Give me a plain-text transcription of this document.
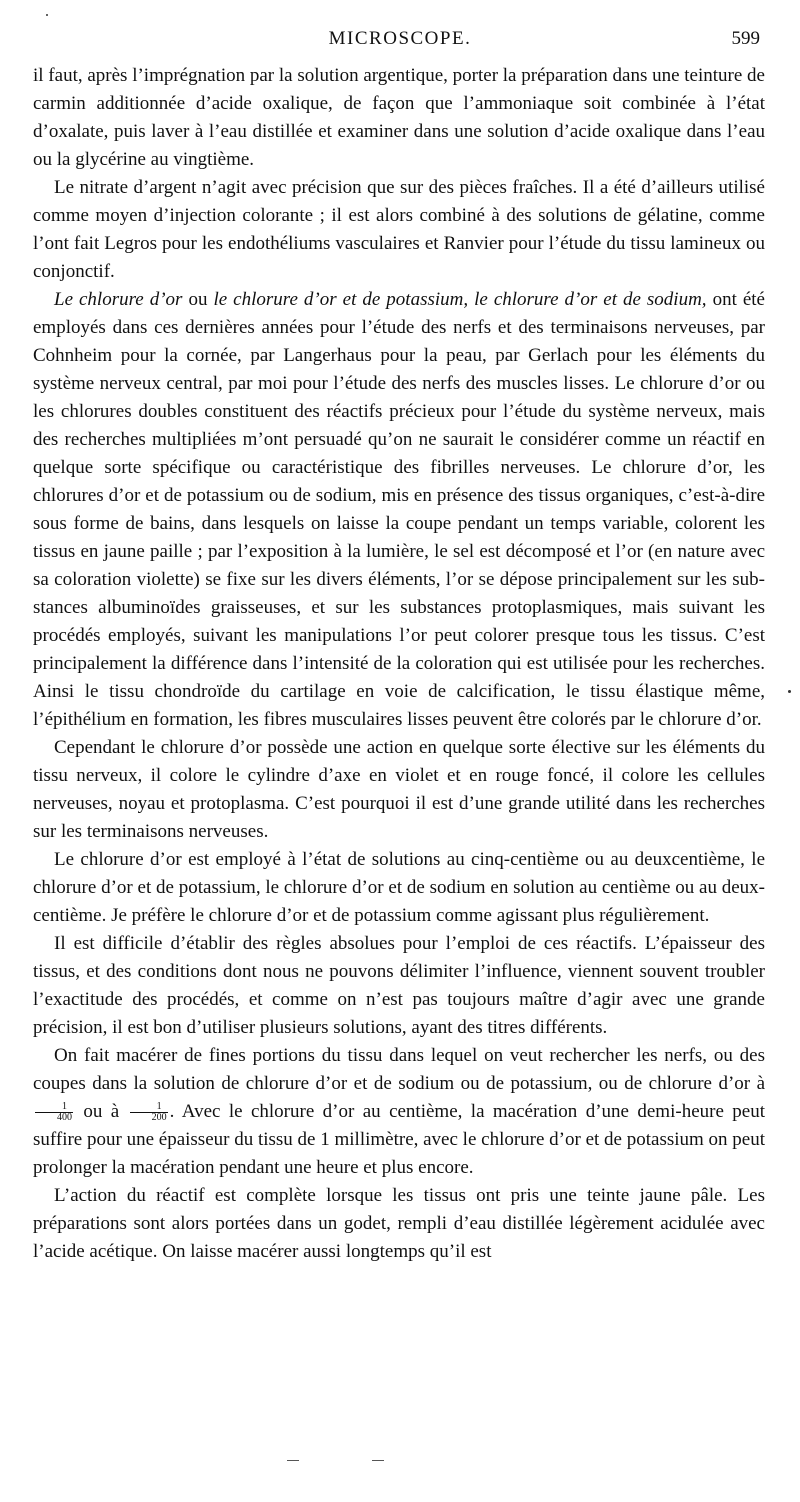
MICROSCOPE.	599

il faut, après l’imprégnation par la solution argentique, porter la préparation dans une teinture de carmin additionnée d’acide oxalique, de façon que l’ammoniaque soit combinée à l’état d’oxalate, puis laver à l’eau distillée et examiner dans une solution d’acide oxalique dans l’eau ou la glycérine au vingtième.

Le nitrate d’argent n’agit avec précision que sur des pièces fraîches. Il a été d’ailleurs utilisé comme moyen d’injection colorante ; il est alors combiné à des solutions de gélatine, comme l’ont fait Legros pour les endothéliums vasculaires et Ranvier pour l’étude du tissu lamineux ou conjonctif.

Le chlorure d’or ou le chlorure d’or et de potassium, le chlorure d’or et de sodium, ont été employés dans ces dernières années pour l’étude des nerfs et des terminaisons nerveuses, par Cohnheim pour la cornée, par Langerhaus pour la peau, par Gerlach pour les éléments du système nerveux central, par moi pour l’étude des nerfs des muscles lisses. Le chlorure d’or ou les chlorures doubles constituent des réactifs précieux pour l’étude du système nerveux, mais des recherches multipliées m’ont persuadé qu’on ne saurait le considérer comme un réactif en quelque sorte spécifique ou caractéristique des fibrilles nerveuses. Le chlorure d’or, les chlorures d’or et de potassium ou de sodium, mis en présence des tissus organiques, c’est-à-dire sous forme de bains, dans lesquels on laisse la coupe pendant un temps variable, colorent les tissus en jaune paille ; par l’exposition à la lumière, le sel est décomposé et l’or (en nature avec sa coloration violette) se fixe sur les divers éléments, l’or se dépose principalement sur les substances albuminoïdes graisseuses, et sur les substances protoplasmiques, mais suivant les procédés employés, suivant les manipulations l’or peut colorer presque tous les tissus. C’est principalement la différence dans l’intensité de la coloration qui est utilisée pour les recherches. Ainsi le tissu chondroïde du cartilage en voie de calcification, le tissu élastique même, l’épithélium en formation, les fibres musculaires lisses peuvent être colorés par le chlorure d’or.

Cependant le chlorure d’or possède une action en quelque sorte élective sur les éléments du tissu nerveux, il colore le cylindre d’axe en violet et en rouge foncé, il colore les cellules nerveuses, noyau et protoplasma. C’est pourquoi il est d’une grande utilité dans les recherches sur les terminaisons nerveuses.

Le chlorure d’or est employé à l’état de solutions au cinq-centième ou au deuxcentième, le chlorure d’or et de potassium, le chlorure d’or et de sodium en solution au centième ou au deux-centième. Je préfère le chlorure d’or et de potassium comme agissant plus régulièrement.

Il est difficile d’établir des règles absolues pour l’emploi de ces réactifs. L’épaisseur des tissus, et des conditions dont nous ne pouvons délimiter l’influence, viennent souvent troubler l’exactitude des procédés, et comme on n’est pas toujours maître d’agir avec une grande précision, il est bon d’utiliser plusieurs solutions, ayant des titres différents.

On fait macérer de fines portions du tissu dans lequel on veut rechercher les nerfs, ou des coupes dans la solution de chlorure d’or et de sodium ou de potassium, ou de chlorure d’or à
$\frac{1}{400}$ ou à $\frac{1}{200}$ . Avec le chlorure d’or au centième, la macération d’une demi-heure peut suffire pour une épaisseur du tissu de 1 millimètre, avec le chlorure d’or et de potassium on peut prolonger la macération pendant une heure et plus encore.

L’action du réactif est complète lorsque les tissus ont pris une teinte jaune pâle. Les préparations sont alors portées dans un godet, rempli d’eau distillée légèrement acidulée avec l’acide acétique. On laisse macérer aussi longtemps qu’il est
